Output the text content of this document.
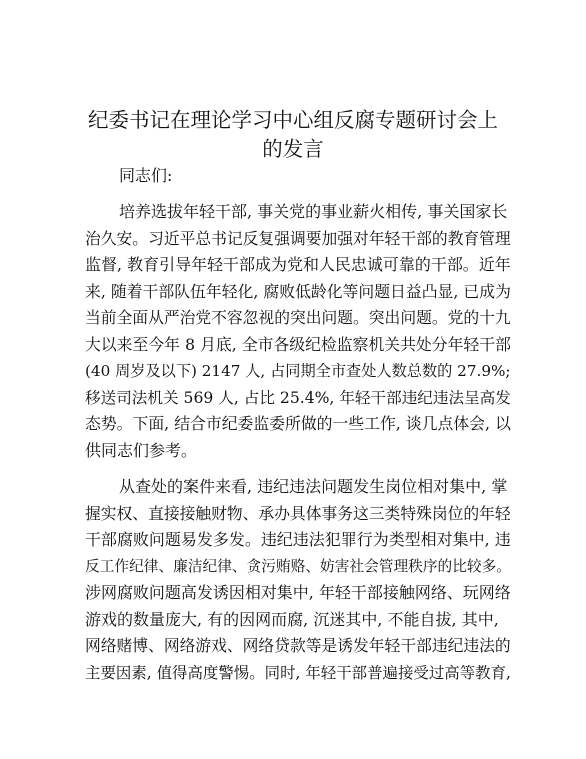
纪委书记在理论学习中心组反腐专题研讨会上
的发言

同志们:

培养选拔年轻干部, 事关党的事业薪火相传, 事关国家长
治久安。习近平总书记反复强调要加强对年轻干部的教育管理
监督, 教育引导年轻干部成为党和人民忠诚可靠的干部。近年
来, 随着干部队伍年轻化, 腐败低龄化等问题日益凸显, 已成为
当前全面从严治党不容忽视的突出问题。突出问题。党的十九
大以来至今年 8 月底, 全市各级纪检监察机关共处分年轻干部
(40 周岁及以下) 2147 人, 占同期全市查处人数总数的 27.9%;
移送司法机关 569 人, 占比 25.4%, 年轻干部违纪违法呈高发
态势。下面, 结合市纪委监委所做的一些工作, 谈几点体会, 以
供同志们参考。

从查处的案件来看, 违纪违法问题发生岗位相对集中, 掌
握实权、直接接触财物、承办具体事务这三类特殊岗位的年轻
干部腐败问题易发多发。违纪违法犯罪行为类型相对集中, 违
反工作纪律、廉洁纪律、贪污贿赂、妨害社会管理秩序的比较多。
涉网腐败问题高发诱因相对集中, 年轻干部接触网络、玩网络
游戏的数量庞大, 有的因网而腐, 沉迷其中, 不能自拔, 其中,
网络赌博、网络游戏、网络贷款等是诱发年轻干部违纪违法的
主要因素, 值得高度警惕。同时, 年轻干部普遍接受过高等教育,
